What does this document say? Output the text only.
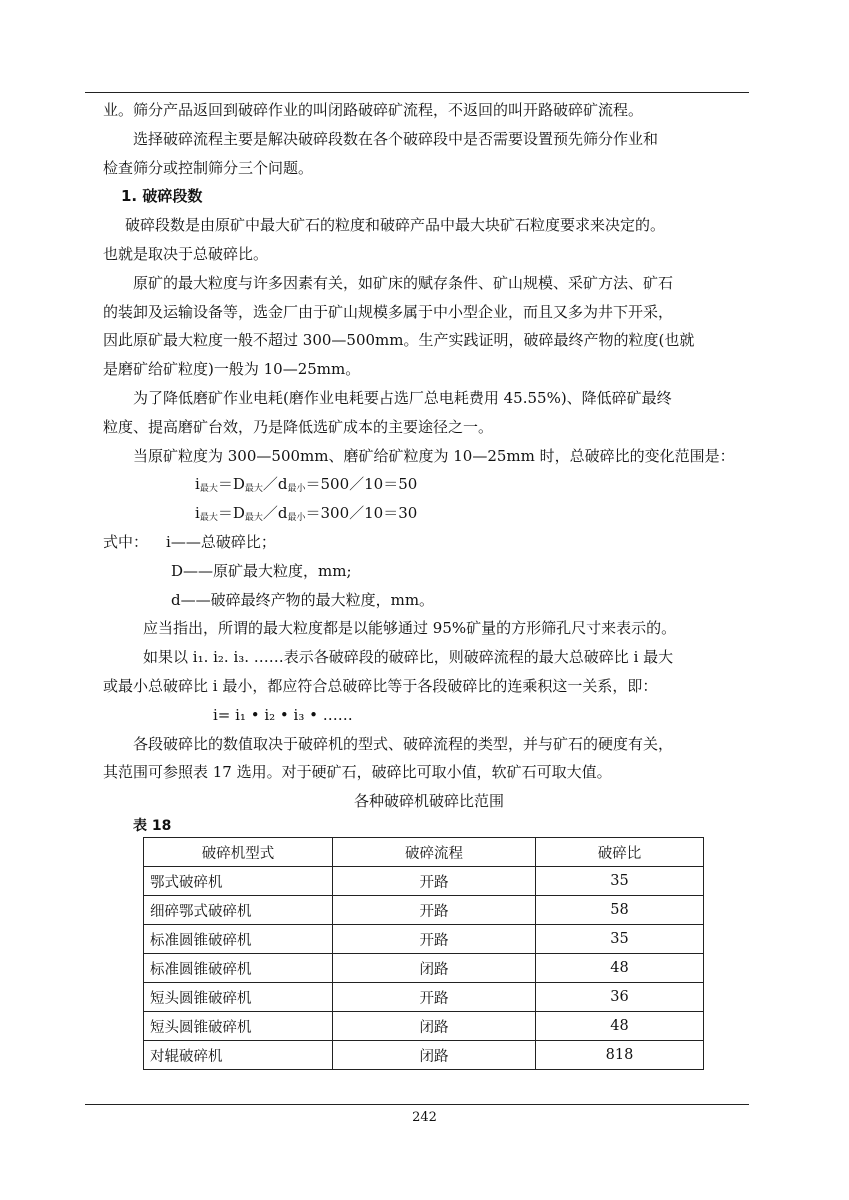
业。筛分产品返回到破碎作业的叫闭路破碎矿流程，不返回的叫开路破碎矿流程。
选择破碎流程主要是解决破碎段数在各个破碎段中是否需要设置预先筛分作业和
检查筛分或控制筛分三个问题。
1. 破碎段数
破碎段数是由原矿中最大矿石的粒度和破碎产品中最大块矿石粒度要求来决定的。
也就是取决于总破碎比。
原矿的最大粒度与许多因素有关，如矿床的赋存条件、矿山规模、采矿方法、矿石
的装卸及运输设备等，选金厂由于矿山规模多属于中小型企业，而且又多为井下开采，
因此原矿最大粒度一般不超过 300—500mm。生产实践证明，破碎最终产物的粒度(也就
是磨矿给矿粒度)一般为 10—25mm。
为了降低磨矿作业电耗(磨作业电耗要占选厂总电耗费用 45.55%)、降低碎矿最终
粒度、提高磨矿台效，乃是降低选矿成本的主要途径之一。
当原矿粒度为 300—500mm、磨矿给矿粒度为 10—25mm 时，总破碎比的变化范围是：
$i_{最大}=D_{最大}/d_{最小}=500/10=50$
$i_{最大}=D_{最大}/d_{最小}=300/10=30$
式中： i——总破碎比；
D——原矿最大粒度，mm;
d——破碎最终产物的最大粒度，mm。
应当指出，所谓的最大粒度都是以能够通过 95%矿量的方形筛孔尺寸来表示的。
如果以 i₁. i₂. i₃. ……表示各破碎段的破碎比，则破碎流程的最大总破碎比 i 最大
或最小总破碎比 i 最小，都应符合总破碎比等于各段破碎比的连乘积这一关系，即：
i= i₁ • i₂ • i₃ • ……
各段破碎比的数值取决于破碎机的型式、破碎流程的类型，并与矿石的硬度有关，
其范围可参照表 17 选用。对于硬矿石，破碎比可取小值，软矿石可取大值。
各种破碎机破碎比范围
表 18
破碎机型式	破碎流程	破碎比
鄂式破碎机	开路	35
细碎鄂式破碎机	开路	58
标准圆锥破碎机	开路	35
标准圆锥破碎机	闭路	48
短头圆锥破碎机	开路	36
短头圆锥破碎机	闭路	48
对辊破碎机	闭路	818
242
